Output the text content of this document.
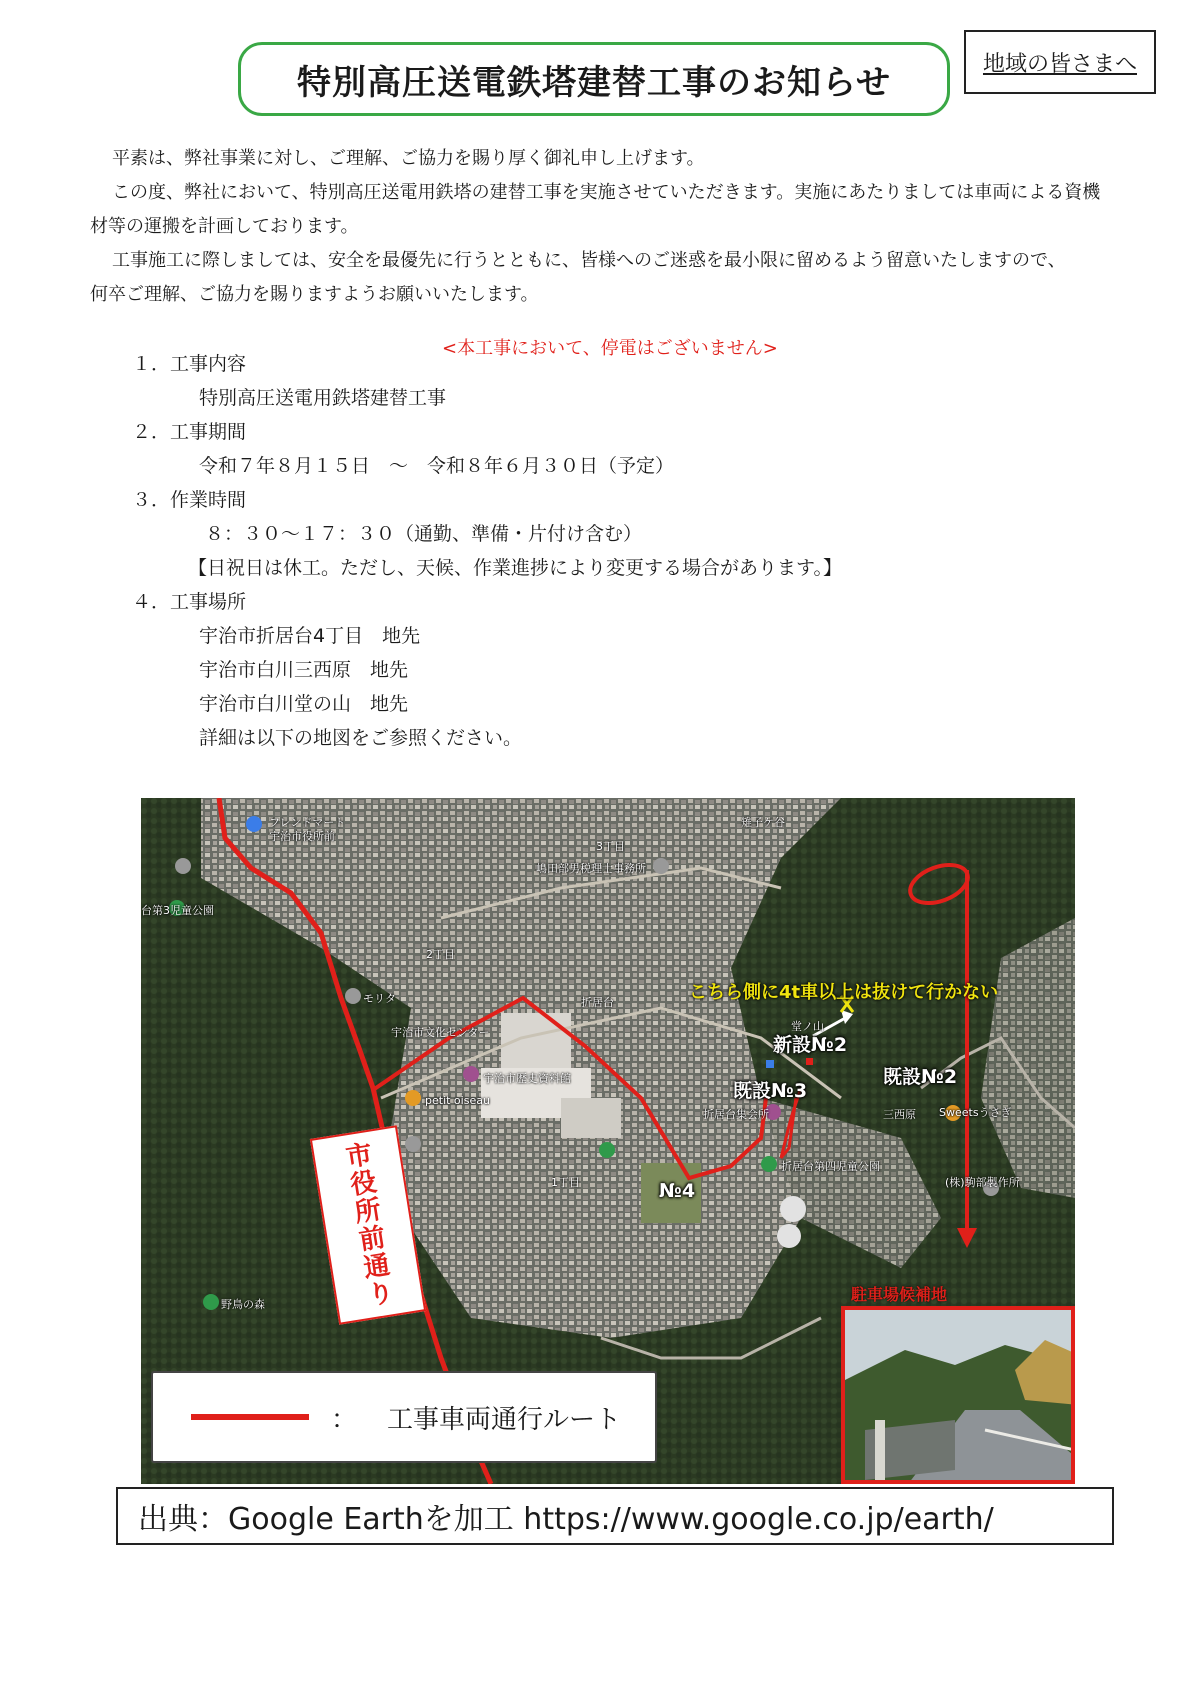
特別高圧送電鉄塔建替工事のお知らせ	地域の皆さまへ
平素は、弊社事業に対し、ご理解、ご協力を賜り厚く御礼申し上げます。
この度、弊社において、特別高圧送電用鉄塔の建替工事を実施させていただきます。実施にあたりましては車両による資機
材等の運搬を計画しております。
工事施工に際しましては、安全を最優先に行うとともに、皆様へのご迷惑を最小限に留めるよう留意いたしますので、
何卒ご理解、ご協力を賜りますようお願いいたします。
<本工事において、停電はございません>
１．工事内容
特別高圧送電用鉄塔建替工事
２．工事期間
令和７年８月１５日　～　令和８年６月３０日（予定）
３．作業時間
８：３０～１７：３０（通勤、準備・片付け含む）
【日祝日は休工。ただし、天候、作業進捗により変更する場合があります。】
４．工事場所
宇治市折居台4丁目　地先
宇治市白川三西原　地先
宇治市白川堂の山　地先
詳細は以下の地図をご参照ください。
フレンドマート
宇治市役所前
雉子ケ谷
嶋田部男税理士事務所
台第3児童公園
モリタ
宇治市文化センター
折居台
宇治市歴史資料館
petit oiseau
折居台集会所	三西原 Sweetsうさぎ
折居台第四児童公園
野鳥の森
堂ノ山
1丁目
3丁目
2丁目
(株)駒部製作所
こちら側に4t車以上は抜けて行かない
新設№2
既設№3
既設№2
№4
駐車場候補地
市役所前通り
： 工事車両通行ルート
出典：Google Earthを加工 https://www.google.co.jp/earth/
